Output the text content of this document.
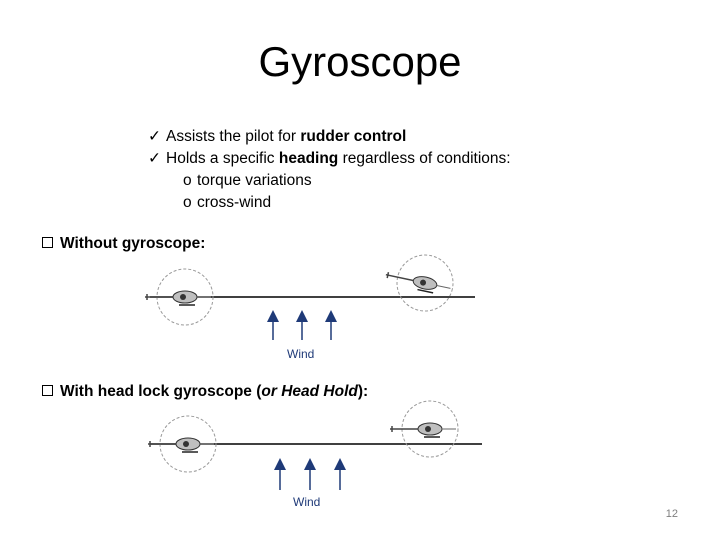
Gyroscope
✓ Assists the pilot for rudder control
✓ Holds a specific heading regardless of conditions:
o torque variations
o cross-wind
Without gyroscope:
With head lock gyroscope (or Head Hold):
Wind
Wind
12
